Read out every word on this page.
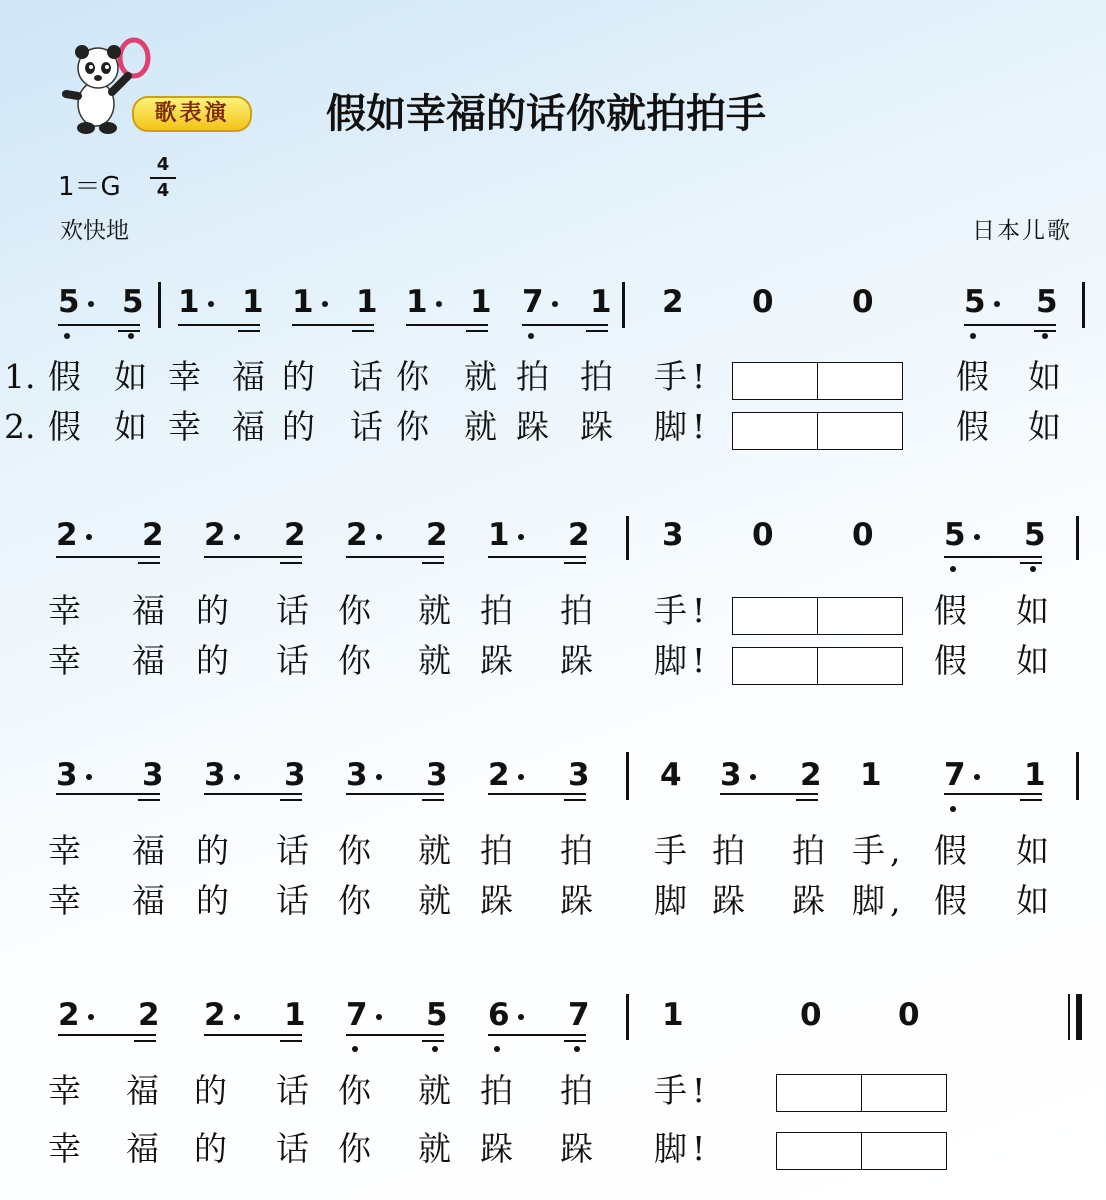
歌表演	假如幸福的话你就拍拍手
1＝G
4
4
欢快地	日本儿歌
5 5 1 1 1 1 1 1 7 1 2 0	0	5 5
1. 假 如 幸 福 的 话 你 就 拍 拍 手 !	假 如
2. 假 如 幸 福 的 话 你 就 跺 跺 脚 !	假 如
2 2 2 2 2 2 1 2 3 0	0 5 5
幸 福 的 话 你 就 拍 拍 手 !	假 如
幸 福 的 话 你 就 跺 跺 脚 !	假 如
3 3 3 3 3 3 2 3 4 3 2 1 7 1
幸 福 的 话 你 就 拍 拍 手 拍 拍 手 , 假 如
幸 福 的 话 你 就 跺 跺 脚 跺 跺 脚 , 假 如
2 2 2 1 7 5 6 7 1	0 0
幸 福 的 话 你 就 拍 拍 手 !
幸 福 的 话 你 就 跺 跺 脚 !
